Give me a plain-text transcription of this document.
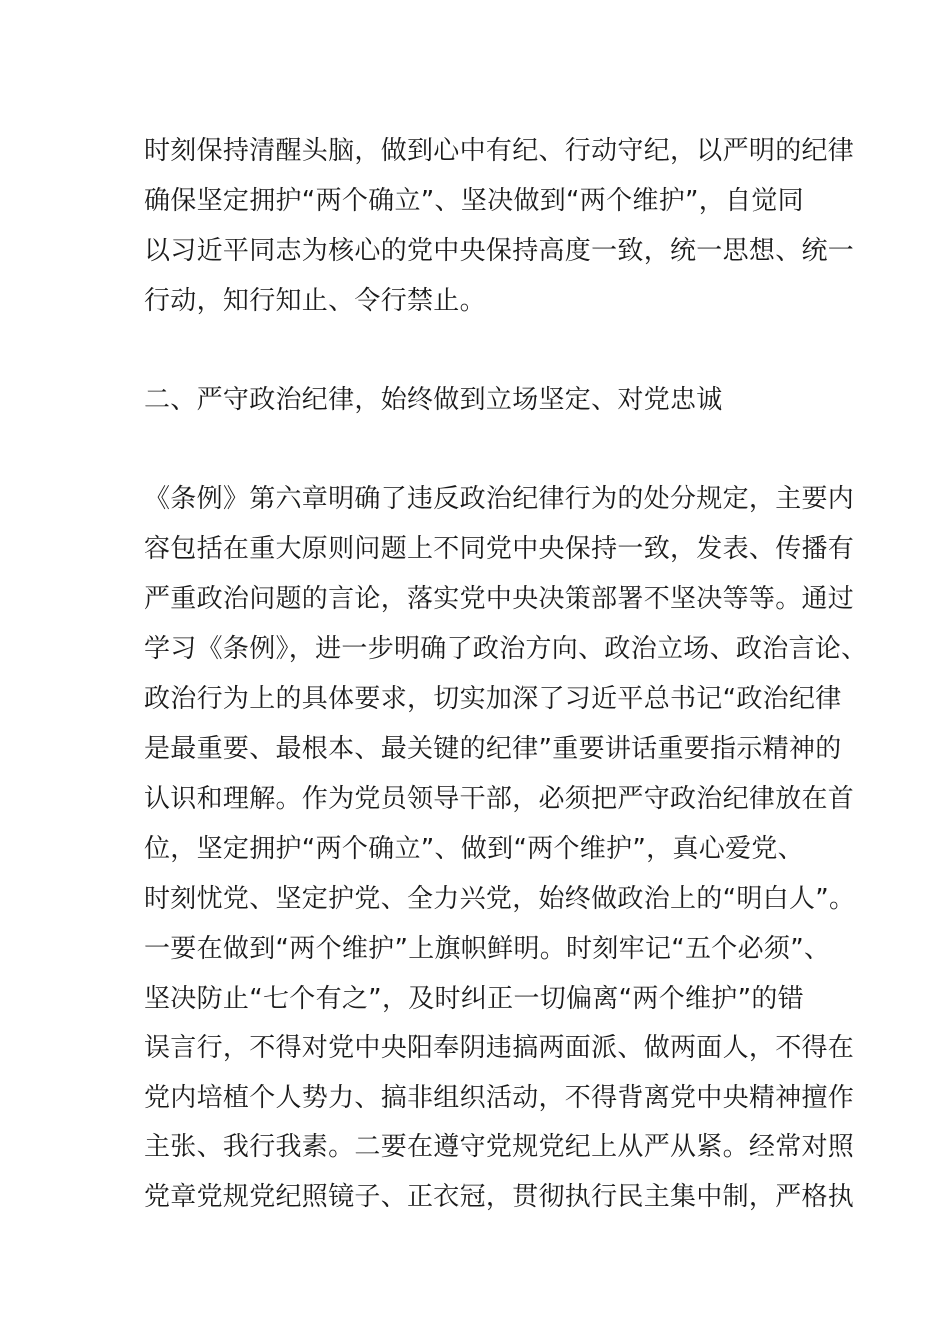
时刻保持清醒头脑，做到心中有纪、行动守纪，以严明的纪律
确保坚定拥护“两个确立”、坚决做到“两个维护”，自觉同
以习近平同志为核心的党中央保持高度一致，统一思想、统一
行动，知行知止、令行禁止。
二、严守政治纪律，始终做到立场坚定、对党忠诚
《条例》第六章明确了违反政治纪律行为的处分规定，主要内
容包括在重大原则问题上不同党中央保持一致，发表、传播有
严重政治问题的言论，落实党中央决策部署不坚决等等。通过
学习《条例》，进一步明确了政治方向、政治立场、政治言论、
政治行为上的具体要求，切实加深了习近平总书记“政治纪律
是最重要、最根本、最关键的纪律”重要讲话重要指示精神的
认识和理解。作为党员领导干部，必须把严守政治纪律放在首
位，坚定拥护“两个确立”、做到“两个维护”，真心爱党、
时刻忧党、坚定护党、全力兴党，始终做政治上的“明白人”。
一要在做到“两个维护”上旗帜鲜明。时刻牢记“五个必须”、
坚决防止“七个有之”，及时纠正一切偏离“两个维护”的错
误言行，不得对党中央阳奉阴违搞两面派、做两面人，不得在
党内培植个人势力、搞非组织活动，不得背离党中央精神擅作
主张、我行我素。二要在遵守党规党纪上从严从紧。经常对照
党章党规党纪照镜子、正衣冠，贯彻执行民主集中制，严格执
